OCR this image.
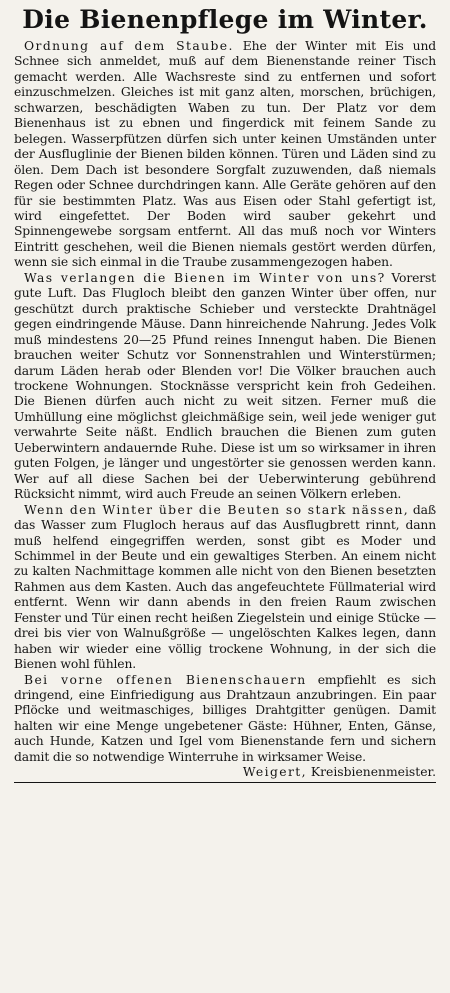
Die Bienenpflege im Winter.

Ordnung auf dem Staube. Ehe der Winter mit Eis und Schnee sich anmeldet, muß auf dem Bienenstande reiner Tisch gemacht werden. Alle Wachsreste sind zu entfernen und sofort einzuschmelzen. Gleiches ist mit ganz alten, morschen, brüchigen, schwarzen, beschädigten Waben zu tun. Der Platz vor dem Bienenhaus ist zu ebnen und fingerdick mit feinem Sande zu belegen. Wasserpfützen dürfen sich unter keinen Umständen unter der Ausfluglinie der Bienen bilden können. Türen und Läden sind zu ölen. Dem Dach ist besondere Sorgfalt zuzuwenden, daß niemals Regen oder Schnee durchdringen kann. Alle Geräte gehören auf den für sie bestimmten Platz. Was aus Eisen oder Stahl gefertigt ist, wird eingefettet. Der Boden wird sauber gekehrt und Spinnengewebe sorgsam entfernt. All das muß noch vor Winters Eintritt geschehen, weil die Bienen niemals gestört werden dürfen, wenn sie sich einmal in die Traube zusammengezogen haben.

Was verlangen die Bienen im Winter von uns? Vorerst gute Luft. Das Flugloch bleibt den ganzen Winter über offen, nur geschützt durch praktische Schieber und versteckte Drahtnägel gegen eindringende Mäuse. Dann hinreichende Nahrung. Jedes Volk muß mindestens 20—25 Pfund reines Innengut haben. Die Bienen brauchen weiter Schutz vor Sonnenstrahlen und Winterstürmen; darum Läden herab oder Blenden vor! Die Völker brauchen auch trockene Wohnungen. Stocknässe verspricht kein froh Gedeihen. Die Bienen dürfen auch nicht zu weit sitzen. Ferner muß die Umhüllung eine möglichst gleichmäßige sein, weil jede weniger gut verwahrte Seite näßt. Endlich brauchen die Bienen zum guten Ueberwintern andauernde Ruhe. Diese ist um so wirksamer in ihren guten Folgen, je länger und ungestörter sie genossen werden kann. Wer auf all diese Sachen bei der Ueberwinterung gebührend Rücksicht nimmt, wird auch Freude an seinen Völkern erleben.

Wenn den Winter über die Beuten so stark nässen, daß das Wasser zum Flugloch heraus auf das Ausflugbrett rinnt, dann muß helfend eingegriffen werden, sonst gibt es Moder und Schimmel in der Beute und ein gewaltiges Sterben. An einem nicht zu kalten Nachmittage kommen alle nicht von den Bienen besetzten Rahmen aus dem Kasten. Auch das angefeuchtete Füllmaterial wird entfernt. Wenn wir dann abends in den freien Raum zwischen Fenster und Tür einen recht heißen Ziegelstein und einige Stücke — drei bis vier von Walnußgröße — ungelöschten Kalkes legen, dann haben wir wieder eine völlig trockene Wohnung, in der sich die Bienen wohl fühlen.

Bei vorne offenen Bienenschauern empfiehlt es sich dringend, eine Einfriedigung aus Drahtzaun anzubringen. Ein paar Pflöcke und weitmaschiges, billiges Drahtgitter genügen. Damit halten wir eine Menge ungebetener Gäste: Hühner, Enten, Gänse, auch Hunde, Katzen und Igel vom Bienenstande fern und sichern damit die so notwendige Winterruhe in wirksamer Weise.

Weigert, Kreisbienenmeister.
